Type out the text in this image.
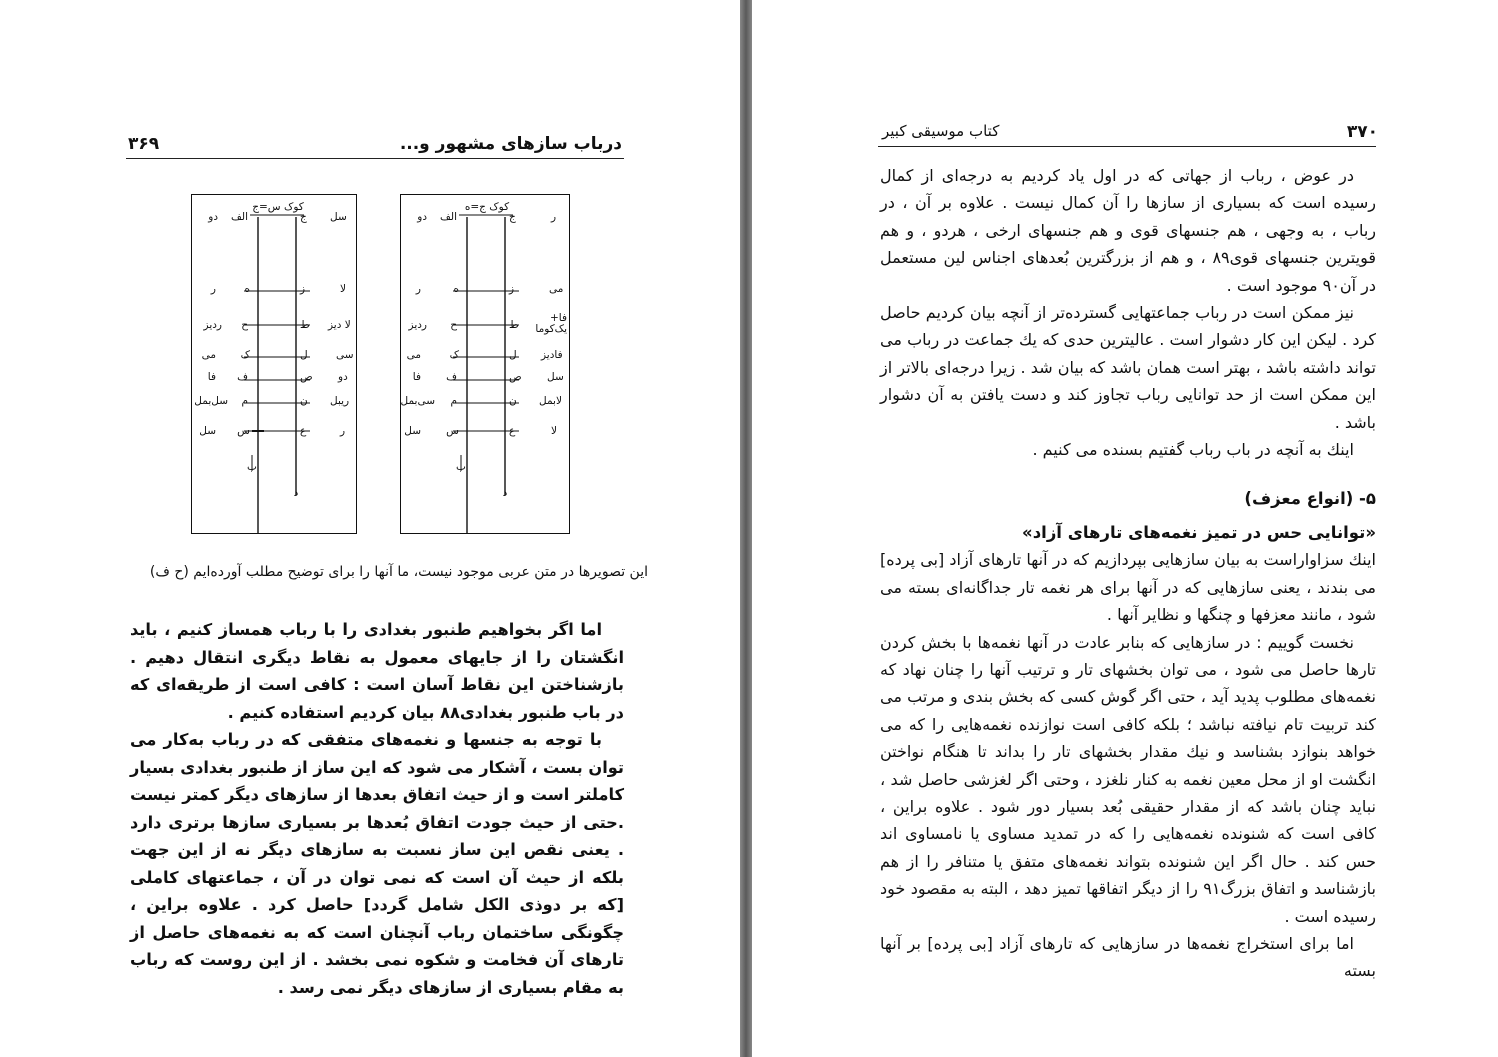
۳۶۹	درباب سازهای مشهور و...
کوک س=ج
دو
ر
ردیز
می
فا
سل‌بمل
سل
الف
ه
ح
ک
ف
م
س
ج
ز
ط
ل
ص
ن
ع
سل
لا
لا دیز
سی
دو
ریبل
ر
ب
د
کوک ج=ه
دو
ر
ردیز
می
فا
سی‌بمل
سل
الف
ه
ح
ک
ف
م
س
ج
ز
ط
ل
ص
ن
ع
ر
می
فا+ یک‌کوما
فادیز
سل
لابمل
لا
ب
د
این تصویرها در متن عربی موجود نیست، ما آنها را برای توضیح مطلب آورده‌ایم (ح ف)

اما اگر بخواهیم طنبور بغدادی را با رباب همساز کنیم ، باید انگشتان را از جایهای معمول به نقاط دیگری انتقال دهیم . بازشناختن این نقاط آسان است : کافی است از طریقه‌ای که در باب طنبور بغدادی۸۸ بیان کردیم استفاده کنیم .

با توجه به جنسها و نغمه‌های متفقی که در رباب به‌کار می توان بست ، آشکار می شود که این ساز از طنبور بغدادی بسیار کاملتر است و از حیث اتفاق بعدها از سازهای دیگر کمتر نیست .حتی از حیث جودت اتفاق بُعدها بر بسیاری سازها برتری دارد . یعنی نقص این ساز نسبت به سازهای دیگر نه از این جهت بلکه از حیث آن است که نمی توان در آن ، جماعتهای کاملی [که بر دوذی الکل شامل گردد] حاصل کرد . علاوه براین ، چگونگی ساختمان رباب آنچنان است که به نغمه‌های حاصل از تارهای آن فخامت و شکوه نمی بخشد . از این روست که رباب به مقام بسیاری از سازهای دیگر نمی رسد .

۳۷۰
کتاب موسیقی کبیر

در عوض ، رباب از جهاتی که در اول یاد کردیم به درجه‌ای از کمال رسیده است که بسیاری از سازها را آن کمال نیست . علاوه بر آن ، در رباب ، به وجهی ، هم جنسهای قوی و هم جنسهای ارخی ، هردو ، و هم قویترین جنسهای قوی۸۹ ، و هم از بزرگترین بُعدهای اجناس لین مستعمل در آن۹۰ موجود است .

نیز ممکن است در رباب جماعتهایی گسترده‌تر از آنچه بیان کردیم حاصل کرد . لیکن این کار دشوار است . عالیترین حدی که یك جماعت در رباب می تواند داشته باشد ، بهتر است همان باشد که بیان شد . زیرا درجه‌ای بالاتر از این ممکن است از حد توانایی رباب تجاوز کند و دست یافتن به آن دشوار باشد .

اینك به آنچه در باب رباب گفتیم بسنده می کنیم .

۵- (انواع معزف)

«توانایی حس در تمیز نغمه‌های تارهای آزاد»

اینك سزاواراست به بیان سازهایی بپردازیم که در آنها تارهای آزاد [بی پرده] می بندند ، یعنی سازهایی که در آنها برای هر نغمه تار جداگانه‌ای بسته می شود ، مانند معزفها و چنگها و نظایر آنها .

نخست گوییم : در سازهایی که بنابر عادت در آنها نغمه‌ها با بخش کردن تارها حاصل می شود ، می توان بخشهای تار و ترتیب آنها را چنان نهاد که نغمه‌های مطلوب پدید آید ، حتی اگر گوش کسی که بخش بندی و مرتب می کند تربیت تام نیافته نباشد ؛ بلکه کافی است نوازنده نغمه‌هایی را که می خواهد بنوازد بشناسد و نیك مقدار بخشهای تار را بداند تا هنگام نواختن انگشت او از محل معین نغمه به کنار نلغزد ، وحتی اگر لغزشی حاصل شد ، نباید چنان باشد که از مقدار حقیقی بُعد بسیار دور شود . علاوه براین ، کافی است که شنونده نغمه‌هایی را که در تمدید مساوی یا نامساوی اند حس کند . حال اگر این شنونده بتواند نغمه‌های متفق یا متنافر را از هم بازشناسد و اتفاق بزرگ۹۱ را از دیگر اتفاقها تمیز دهد ، البته به مقصود خود رسیده است .

اما برای استخراج نغمه‌ها در سازهایی که تارهای آزاد [بی پرده] بر آنها بسته
